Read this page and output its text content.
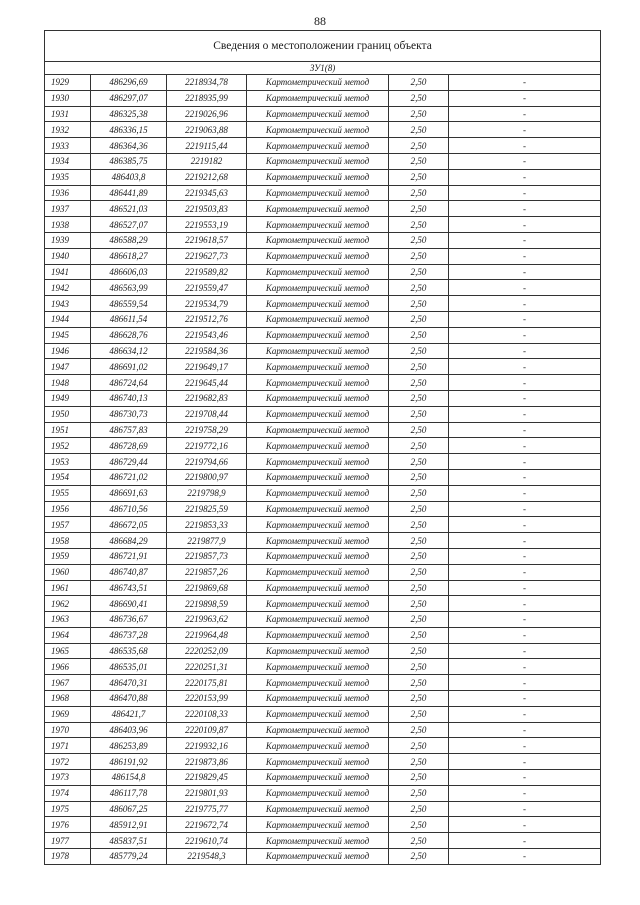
88
Сведения о местоположении границ объекта					
ЗУ1(8)					
1929	486296,69	2218934,78	Картометрический метод	2,50	-
1930	486297,07	2218935,99	Картометрический метод	2,50	-
1931	486325,38	2219026,96	Картометрический метод	2,50	-
1932	486336,15	2219063,88	Картометрический метод	2,50	-
1933	486364,36	2219115,44	Картометрический метод	2,50	-
1934	486385,75	2219182	Картометрический метод	2,50	-
1935	486403,8	2219212,68	Картометрический метод	2,50	-
1936	486441,89	2219345,63	Картометрический метод	2,50	-
1937	486521,03	2219503,83	Картометрический метод	2,50	-
1938	486527,07	2219553,19	Картометрический метод	2,50	-
1939	486588,29	2219618,57	Картометрический метод	2,50	-
1940	486618,27	2219627,73	Картометрический метод	2,50	-
1941	486606,03	2219589,82	Картометрический метод	2,50	-
1942	486563,99	2219559,47	Картометрический метод	2,50	-
1943	486559,54	2219534,79	Картометрический метод	2,50	-
1944	486611,54	2219512,76	Картометрический метод	2,50	-
1945	486628,76	2219543,46	Картометрический метод	2,50	-
1946	486634,12	2219584,36	Картометрический метод	2,50	-
1947	486691,02	2219649,17	Картометрический метод	2,50	-
1948	486724,64	2219645,44	Картометрический метод	2,50	-
1949	486740,13	2219682,83	Картометрический метод	2,50	-
1950	486730,73	2219708,44	Картометрический метод	2,50	-
1951	486757,83	2219758,29	Картометрический метод	2,50	-
1952	486728,69	2219772,16	Картометрический метод	2,50	-
1953	486729,44	2219794,66	Картометрический метод	2,50	-
1954	486721,02	2219800,97	Картометрический метод	2,50	-
1955	486691,63	2219798,9	Картометрический метод	2,50	-
1956	486710,56	2219825,59	Картометрический метод	2,50	-
1957	486672,05	2219853,33	Картометрический метод	2,50	-
1958	486684,29	2219877,9	Картометрический метод	2,50	-
1959	486721,91	2219857,73	Картометрический метод	2,50	-
1960	486740,87	2219857,26	Картометрический метод	2,50	-
1961	486743,51	2219869,68	Картометрический метод	2,50	-
1962	486690,41	2219898,59	Картометрический метод	2,50	-
1963	486736,67	2219963,62	Картометрический метод	2,50	-
1964	486737,28	2219964,48	Картометрический метод	2,50	-
1965	486535,68	2220252,09	Картометрический метод	2,50	-
1966	486535,01	2220251,31	Картометрический метод	2,50	-
1967	486470,31	2220175,81	Картометрический метод	2,50	-
1968	486470,88	2220153,99	Картометрический метод	2,50	-
1969	486421,7	2220108,33	Картометрический метод	2,50	-
1970	486403,96	2220109,87	Картометрический метод	2,50	-
1971	486253,89	2219932,16	Картометрический метод	2,50	-
1972	486191,92	2219873,86	Картометрический метод	2,50	-
1973	486154,8	2219829,45	Картометрический метод	2,50	-
1974	486117,78	2219801,93	Картометрический метод	2,50	-
1975	486067,25	2219775,77	Картометрический метод	2,50	-
1976	485912,91	2219672,74	Картометрический метод	2,50	-
1977	485837,51	2219610,74	Картометрический метод	2,50	-
1978	485779,24	2219548,3	Картометрический метод	2,50	-
